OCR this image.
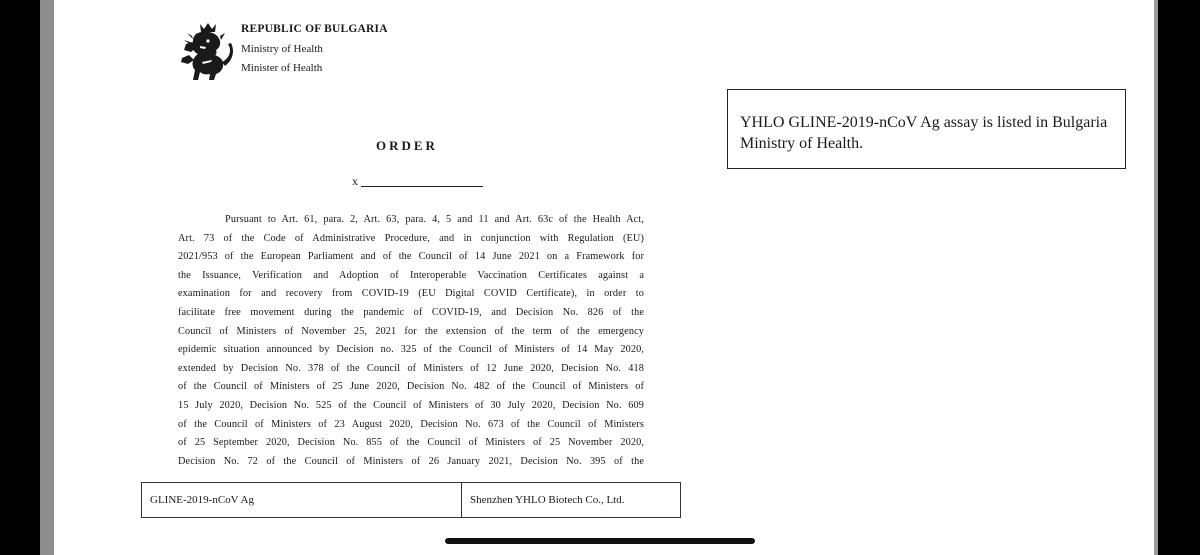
REPUBLIC OF BULGARIA
Ministry of Health
Minister of Health
ORDER
x
Pursuant to Art. 61, para. 2, Art. 63, para. 4, 5 and 11 and Art. 63c of the Health Act,
Art. 73 of the Code of Administrative Procedure, and in conjunction with Regulation (EU)
2021/953 of the European Parliament and of the Council of 14 June 2021 on a Framework for
the Issuance, Verification and Adoption of Interoperable Vaccination Certificates against a
examination for and recovery from COVID-19 (EU Digital COVID Certificate), in order to
facilitate free movement during the pandemic of COVID-19, and Decision No. 826 of the
Council of Ministers of November 25, 2021 for the extension of the term of the emergency
epidemic situation announced by Decision no. 325 of the Council of Ministers of 14 May 2020,
extended by Decision No. 378 of the Council of Ministers of 12 June 2020, Decision No. 418
of the Council of Ministers of 25 June 2020, Decision No. 482 of the Council of Ministers of
15 July 2020, Decision No. 525 of the Council of Ministers of 30 July 2020, Decision No. 609
of the Council of Ministers of 23 August 2020, Decision No. 673 of the Council of Ministers
of 25 September 2020, Decision No. 855 of the Council of Ministers of 25 November 2020,
Decision No. 72 of the Council of Ministers of 26 January 2021, Decision No. 395 of the
GLINE-2019-nCoV Ag	Shenzhen YHLO Biotech Co., Ltd.
YHLO GLINE-2019-nCoV Ag assay is listed in Bulgaria
Ministry of Health.
